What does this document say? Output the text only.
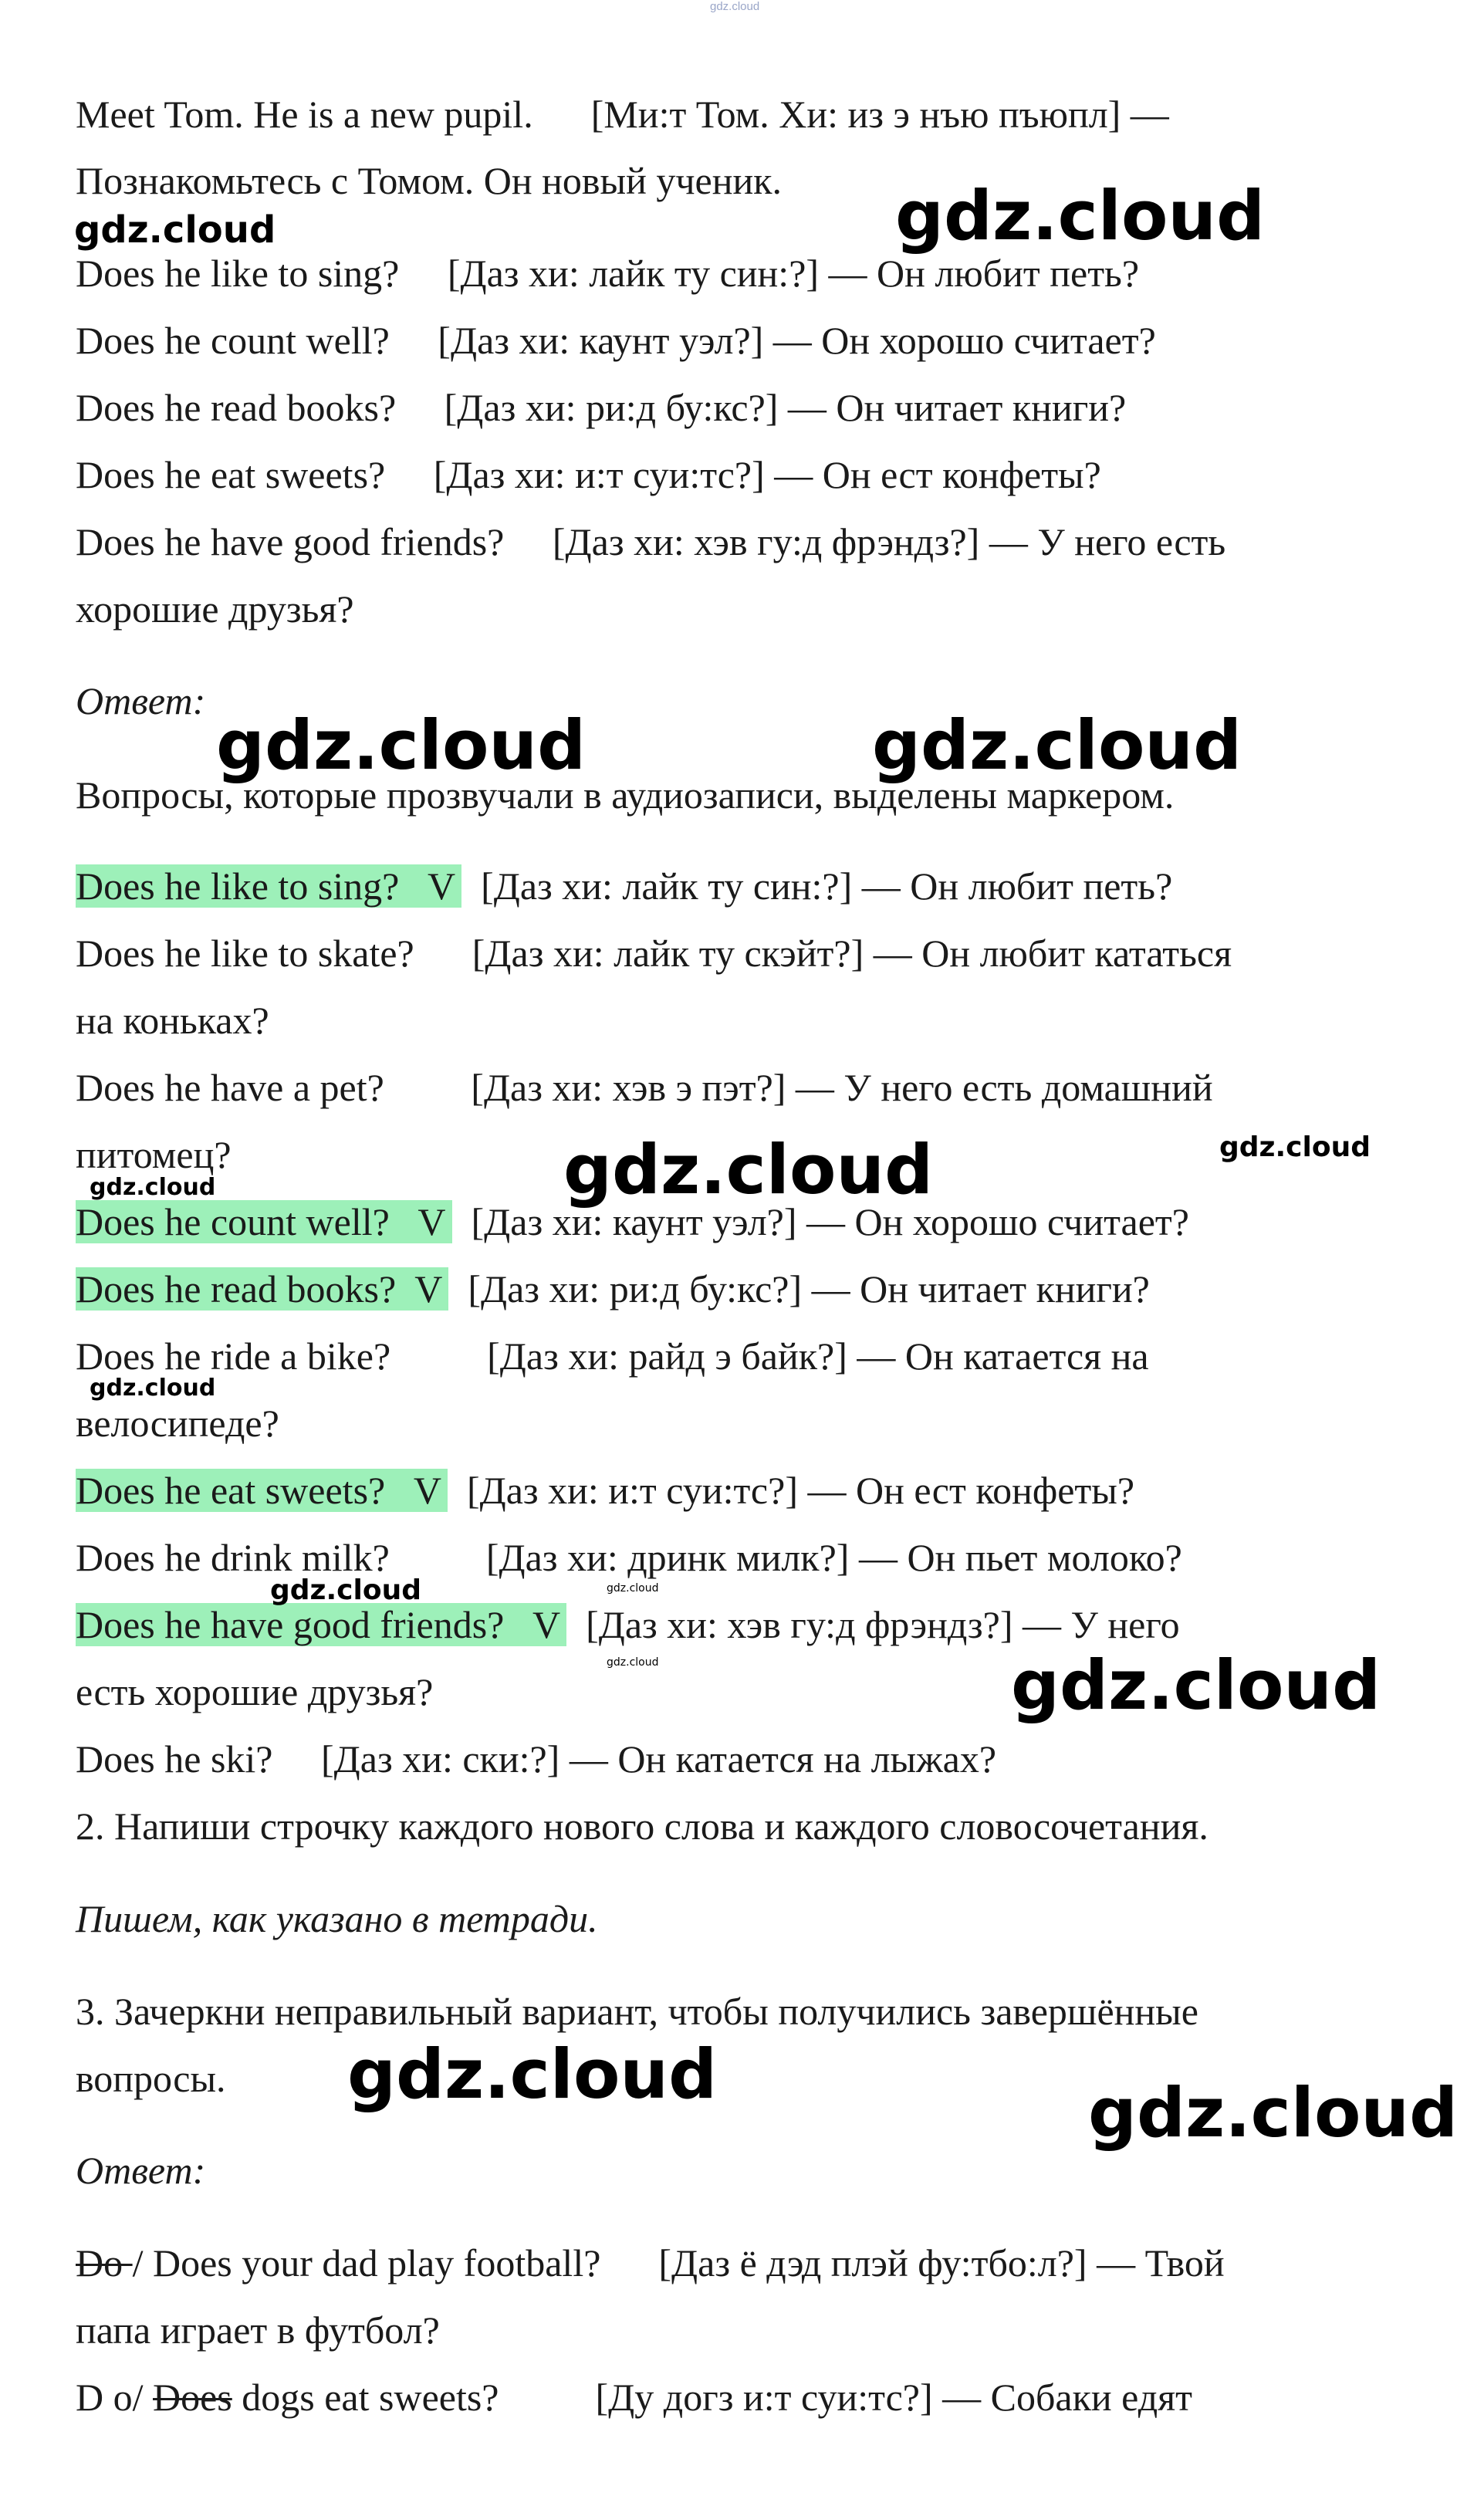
gdz.cloud
Meet Tom. He is a new pupil.      [Ми:т Том. Хи: из э нъю пъюпл] —
Познакомьтесь с Томом. Он новый ученик.
Does he like to sing?     [Даз хи: лайк ту син:?] — Он любит петь?
Does he count well?     [Даз хи: каунт уэл?] — Он хорошо считает?
Does he read books?     [Даз хи: ри:д бу:кс?] — Он читает книги?
Does he eat sweets?     [Даз хи: и:т суи:тс?] — Он ест конфеты?
Does he have good friends?     [Даз хи: хэв гу:д фрэндз?] — У него есть
хорошие друзья?
Ответ:
Вопросы, которые прозвучали в аудиозаписи, выделены маркером.
Does he like to sing?   V  [Даз хи: лайк ту син:?] — Он любит петь?
Does he like to skate?      [Даз хи: лайк ту скэйт?] — Он любит кататься
на коньках?
Does he have a pet?         [Даз хи: хэв э пэт?] — У него есть домашний
питомец?
Does he count well?   V  [Даз хи: каунт уэл?] — Он хорошо считает?
Does he read books?  V  [Даз хи: ри:д бу:кс?] — Он читает книги?
Does he ride a bike?          [Даз хи: райд э байк?] — Он катается на
велосипеде?
Does he eat sweets?   V  [Даз хи: и:т суи:тс?] — Он ест конфеты?
Does he drink milk?          [Даз хи: дринк милк?] — Он пьет молоко?
Does he have good friends?   V  [Даз хи: хэв гу:д фрэндз?] — У него
есть хорошие друзья?
Does he ski?     [Даз хи: ски:?] — Он катается на лыжах?
2. Напиши строчку каждого нового слова и каждого словосочетания.
Пишем, как указано в тетради.
3. Зачеркни неправильный вариант, чтобы получились завершённые
вопросы.
Ответ:
Do / Does your dad play football?      [Даз ё дэд плэй фу:тбо:л?] — Твой
папа играет в футбол?
D o/ Does dogs eat sweets?          [Ду догз и:т суи:тс?] — Собаки едят
gdz.cloud	gdz.cloud
gdz.cloud	gdz.cloud
gdz.cloud	gdz.cloud
gdz.cloud
gdz.cloud
gdz.cloud	gdz.cloud
gdz.cloud	gdz.cloud
gdz.cloud	gdz.cloud
